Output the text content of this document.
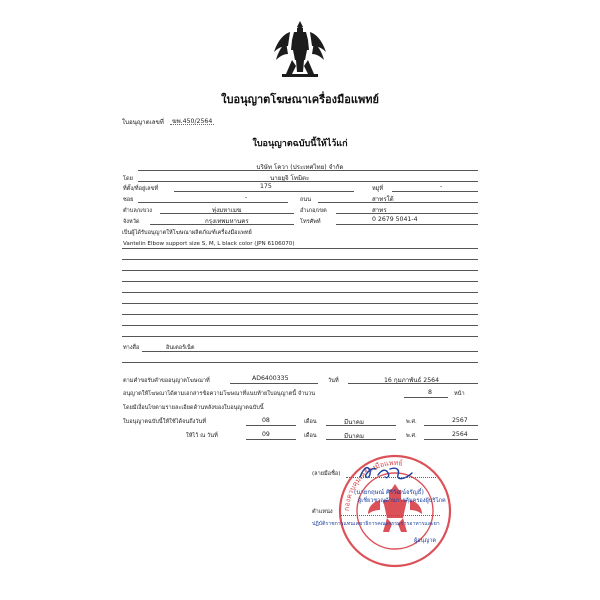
ใบอนุญาตโฆษณาเครื่องมือแพทย์
ใบอนุญาตเลขที่ ฆพ.450/2564
ใบอนุญาตฉบับนี้ให้ไว้แก่
บริษัท โควา (ประเทศไทย) จำกัด
โดย	นายยูจิ โทมิตะ
ที่ตั้ง/ที่อยู่เลขที่	175	หมู่ที่	-
ซอย	-	ถนน	สาทรใต้
ตำบล/แขวง	ทุ่งมหาเมฆ	อำเภอ/เขต	สาทร
จังหวัด	กรุงเทพมหานคร	โทรศัพท์	0 2679 5041-4
เป็นผู้ได้รับอนุญาตให้โฆษณาผลิตภัณฑ์เครื่องมือแพทย์
Vantelin Elbow support size S, M, L black color (JPN 6106070)
ทางสื่อ	อินเตอร์เน็ต
ตามคำขอรับคำขออนุญาตโฆษณาที่	AD6400335	วันที่	16 กุมภาพันธ์ 2564
อนุญาตให้โฆษณาได้ตามเอกสารข้อความโฆษณาที่แนบท้ายใบอนุญาตนี้ จำนวน	8	หน้า
โดยมีเงื่อนไขตามรายละเอียดด้านหลังของใบอนุญาตฉบับนี้
ใบอนุญาตฉบับนี้ให้ใช้ได้จนถึงวันที่	08	เดือน	มีนาคม	พ.ศ.	2567
ให้ไว้ ณ วันที่	09	เดือน	มีนาคม	พ.ศ.	2564
กองควบคุมเครื่องมือแพทย์
(ลายมือชื่อ)
(นายกฤษณ์ ศิริวัฒน์จรัญธิ์)
ผู้เชี่ยวชาญด้านการคุ้มครองผู้บริโภค
ตำแหน่ง
ปฏิบัติราชการแทนเลขาธิการคณะกรรมการอาหารและยา
ผู้อนุญาต
